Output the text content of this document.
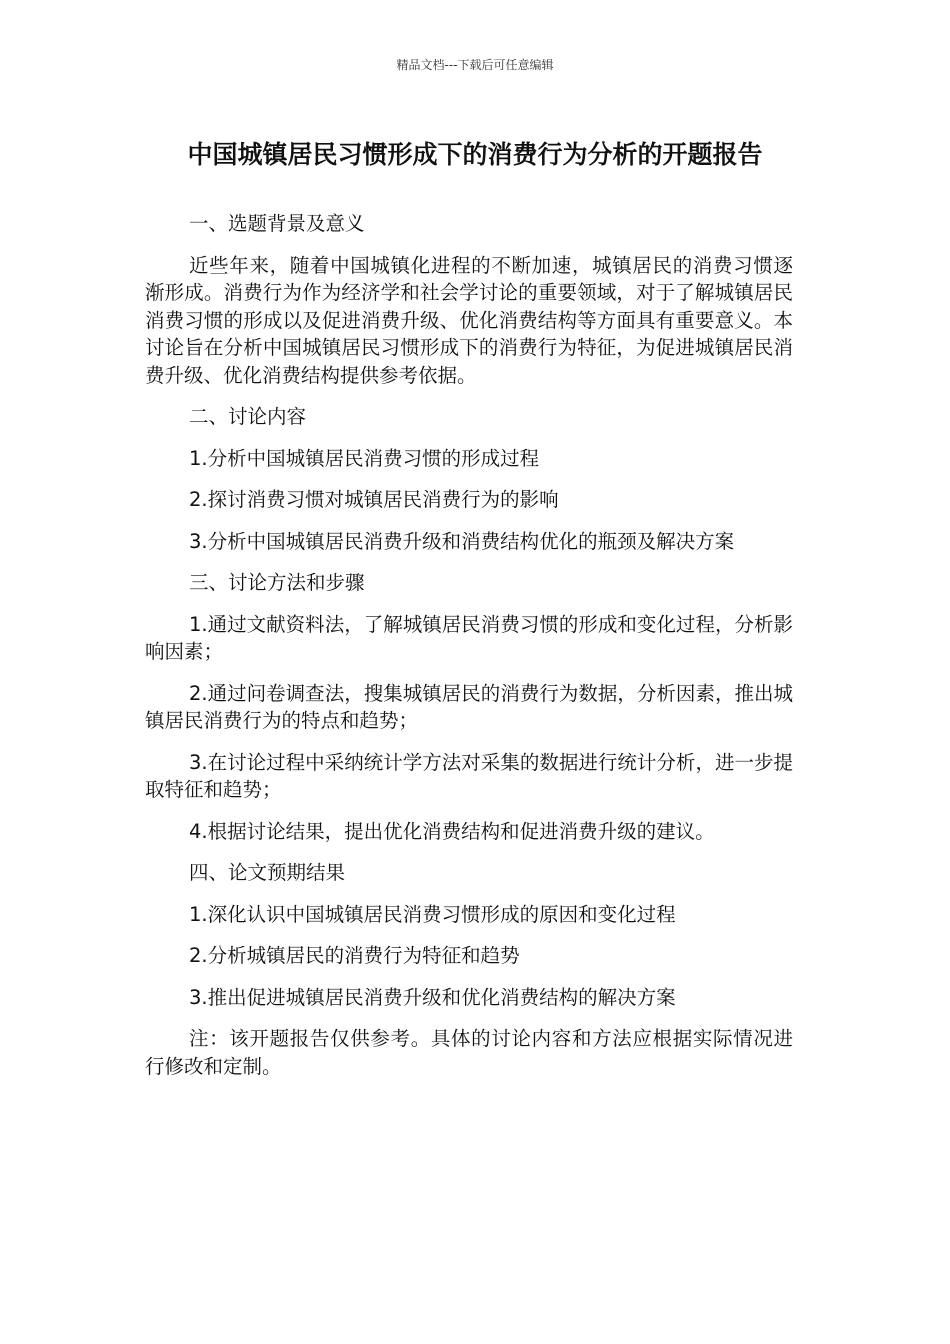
精品文档---下载后可任意编辑
中国城镇居民习惯形成下的消费行为分析的开题报告

一、选题背景及意义

近些年来，随着中国城镇化进程的不断加速，城镇居民的消费习惯逐渐形成。消费行为作为经济学和社会学讨论的重要领域，对于了解城镇居民消费习惯的形成以及促进消费升级、优化消费结构等方面具有重要意义。本讨论旨在分析中国城镇居民习惯形成下的消费行为特征，为促进城镇居民消费升级、优化消费结构提供参考依据。

二、讨论内容

1.分析中国城镇居民消费习惯的形成过程

2.探讨消费习惯对城镇居民消费行为的影响

3.分析中国城镇居民消费升级和消费结构优化的瓶颈及解决方案

三、讨论方法和步骤

1.通过文献资料法，了解城镇居民消费习惯的形成和变化过程，分析影响因素；

2.通过问卷调查法，搜集城镇居民的消费行为数据，分析因素，推出城镇居民消费行为的特点和趋势；

3.在讨论过程中采纳统计学方法对采集的数据进行统计分析，进一步提取特征和趋势；

4.根据讨论结果，提出优化消费结构和促进消费升级的建议。

四、论文预期结果

1.深化认识中国城镇居民消费习惯形成的原因和变化过程

2.分析城镇居民的消费行为特征和趋势

3.推出促进城镇居民消费升级和优化消费结构的解决方案

注：该开题报告仅供参考。具体的讨论内容和方法应根据实际情况进行修改和定制。
